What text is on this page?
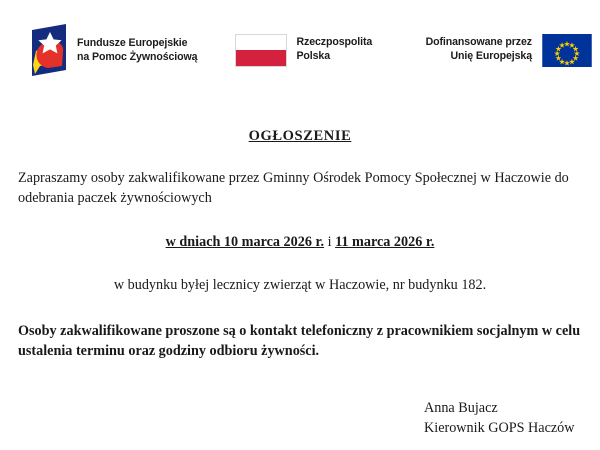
Fundusze Europejskie
na Pomoc Żywnościową
Rzeczpospolita
Polska
Dofinansowane przez
Unię Europejską
OGŁOSZENIE

Zapraszamy osoby zakwalifikowane przez Gminny Ośrodek Pomocy Społecznej w Haczowie do odebrania paczek żywnościowych

w dniach 10 marca 2026 r. i 11 marca 2026 r.

w budynku byłej lecznicy zwierząt w Haczowie, nr budynku 182.

Osoby zakwalifikowane proszone są o kontakt telefoniczny z pracownikiem socjalnym w celu ustalenia terminu oraz godziny odbioru żywności.

Anna Bujacz
Kierownik GOPS Haczów
